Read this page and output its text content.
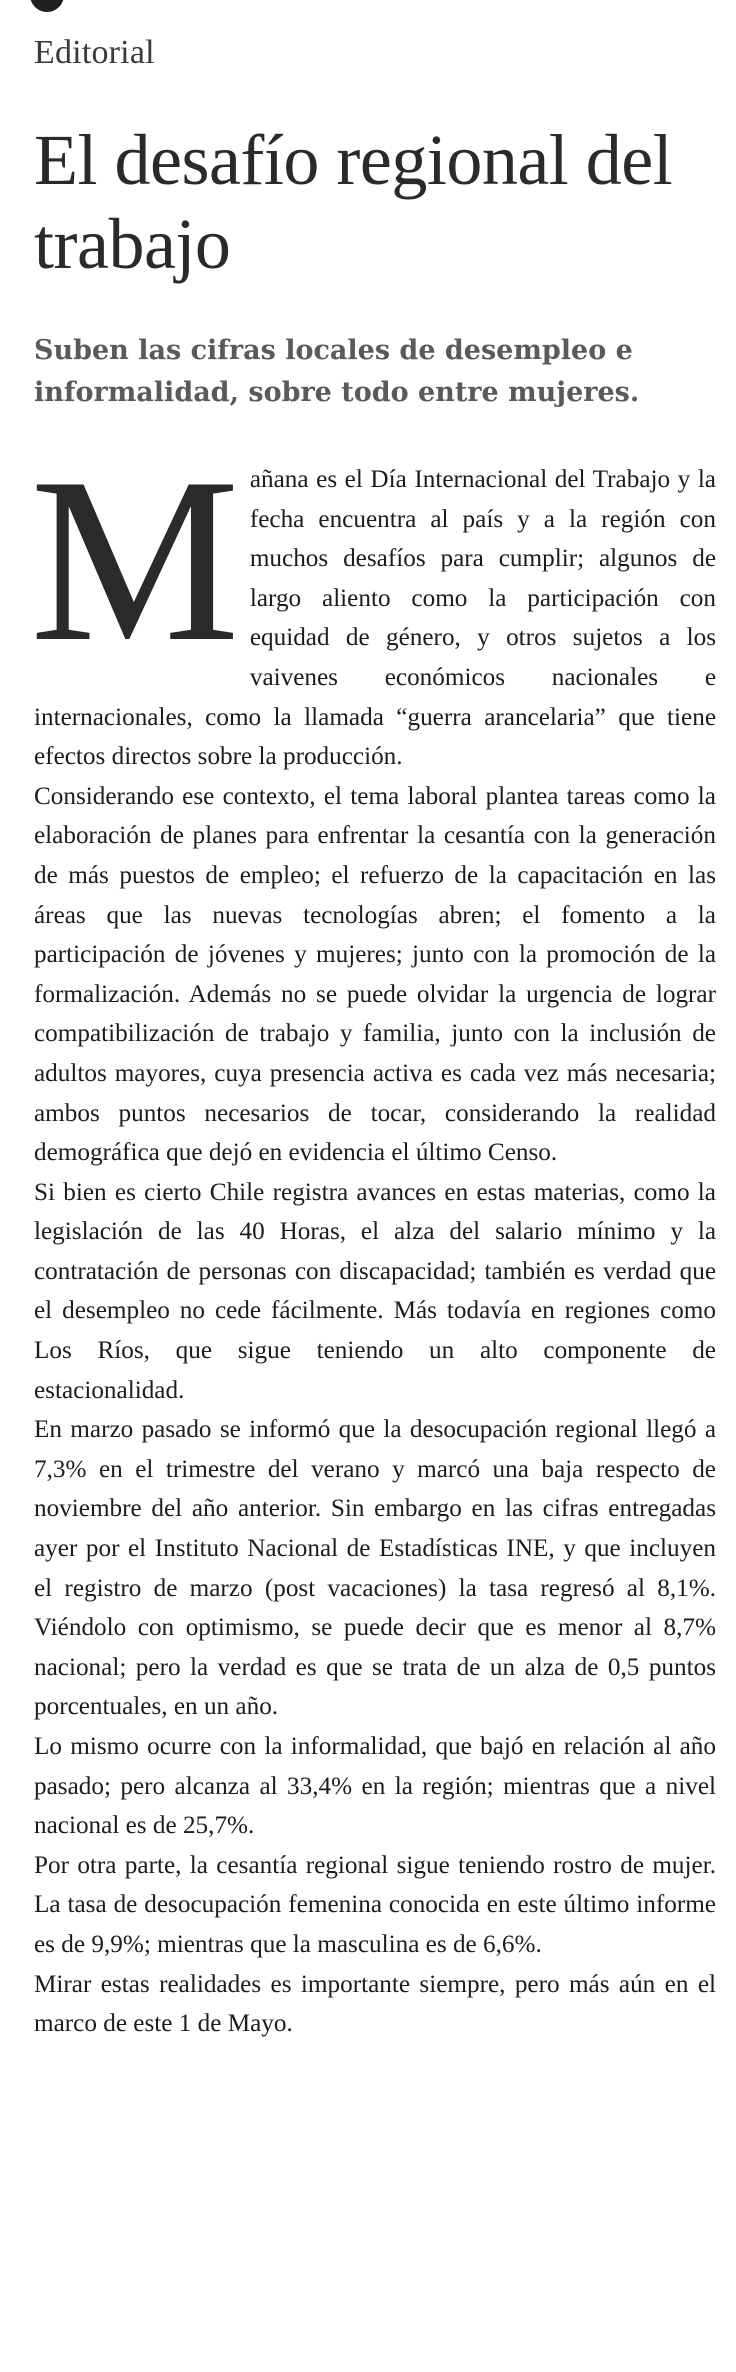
Editorial
El desafío regional del trabajo
Suben las cifras locales de desempleo e informalidad, sobre todo entre mujeres.

Mañana es el Día Internacional del Trabajo y la fecha encuentra al país y a la región con muchos desafíos para cumplir; algunos de largo aliento como la participación con equidad de género, y otros sujetos a los vaivenes económicos nacionales e internacionales, como la llamada “guerra arancelaria” que tiene efectos directos sobre la producción.

Considerando ese contexto, el tema laboral plantea tareas como la elaboración de planes para enfrentar la cesantía con la generación de más puestos de empleo; el refuerzo de la capacitación en las áreas que las nuevas tecnologías abren; el fomento a la participación de jóvenes y mujeres; junto con la promoción de la formalización. Además no se puede olvidar la urgencia de lograr compatibilización de trabajo y familia, junto con la inclusión de adultos mayores, cuya presencia activa es cada vez más necesaria; ambos puntos necesarios de tocar, considerando la realidad demográfica que dejó en evidencia el último Censo.

Si bien es cierto Chile registra avances en estas materias, como la legislación de las 40 Horas, el alza del salario mínimo y la contratación de personas con discapacidad; también es verdad que el desempleo no cede fácilmente. Más todavía en regiones como Los Ríos, que sigue teniendo un alto componente de estacionalidad.

En marzo pasado se informó que la desocupación regional llegó a 7,3% en el trimestre del verano y marcó una baja respecto de noviembre del año anterior. Sin embargo en las cifras entregadas ayer por el Instituto Nacional de Estadísticas INE, y que incluyen el registro de marzo (post vacaciones) la tasa regresó al 8,1%. Viéndolo con optimismo, se puede decir que es menor al 8,7% nacional; pero la verdad es que se trata de un alza de 0,5 puntos porcentuales, en un año.

Lo mismo ocurre con la informalidad, que bajó en relación al año pasado; pero alcanza al 33,4% en la región; mientras que a nivel nacional es de 25,7%.

Por otra parte, la cesantía regional sigue teniendo rostro de mujer. La tasa de desocupación femenina conocida en este último informe es de 9,9%; mientras que la masculina es de 6,6%.

Mirar estas realidades es importante siempre, pero más aún en el marco de este 1 de Mayo.
